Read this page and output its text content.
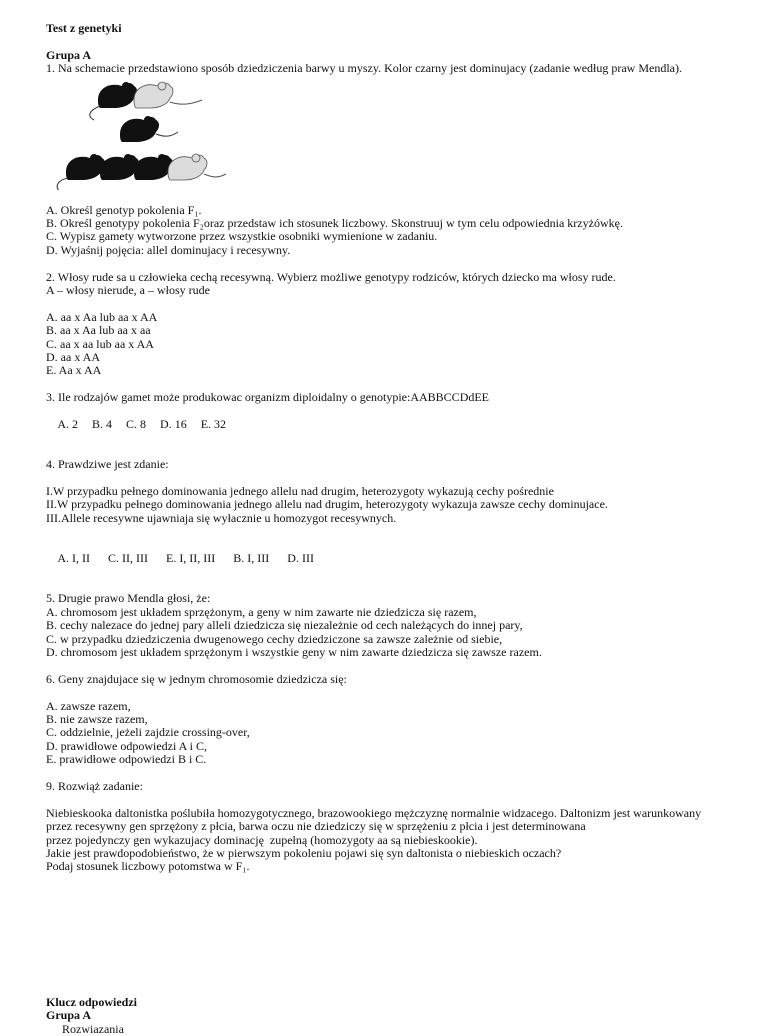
Test z genetyki
Grupa A
1. Na schemacie przedstawiono sposób dziedziczenia barwy u myszy. Kolor czarny jest dominujacy (zadanie według praw Mendla).
A. Określ genotyp pokolenia F₁.
B. Określ genotypy pokolenia F₂oraz przedstaw ich stosunek liczbowy. Skonstruuj w tym celu odpowiednia krzyżówkę.
C. Wypisz gamety wytworzone przez wszystkie osobniki wymienione w zadaniu.
D. Wyjaśnij pojęcia: allel dominujacy i recesywny.
2. Włosy rude sa u człowieka cechą recesywną. Wybierz możliwe genotypy rodziców, których dziecko ma włosy rude.
A – włosy nierude, a – włosy rude
A. aa x Aa lub aa x AA
B. aa x Aa lub aa x aa
C. aa x aa lub aa x AA
D. aa x AA
E. Aa x AA
3. Ile rodzajów gamet może produkowac organizm diploidalny o genotypie:AABBCCDdEE

A. 2 B. 4 C. 8 D. 16 E. 32

4. Prawdziwe jest zdanie:
I.W przypadku pełnego dominowania jednego allelu nad drugim, heterozygoty wykazują cechy pośrednie
II.W przypadku pełnego dominowania jednego allelu nad drugim, heterozygoty wykazuja zawsze cechy dominujace.
III.Allele recesywne ujawniaja się wyłacznie u homozygot recesywnych.

A. I, II C. II, III E. I, II, III B. I, III D. III

5. Drugie prawo Mendla głosi, że:
A. chromosom jest układem sprzężonym, a geny w nim zawarte nie dziedzicza się razem,
B. cechy nalezace do jednej pary alleli dziedzicza się niezależnie od cech należących do innej pary,
C. w przypadku dziedziczenia dwugenowego cechy dziedziczone sa zawsze zależnie od siebie,
D. chromosom jest układem sprzężonym i wszystkie geny w nim zawarte dziedzicza się zawsze razem.
6. Geny znajdujace się w jednym chromosomie dziedzicza się:
A. zawsze razem,
B. nie zawsze razem,
C. oddzielnie, jeżeli zajdzie crossing-over,
D. prawidłowe odpowiedzi A i C,
E. prawidłowe odpowiedzi B i C.
9. Rozwiąż zadanie:
Niebieskooka daltonistka poślubiła homozygotycznego, brazowookiego mężczyznę normalnie widzacego. Daltonizm jest warunkowany
przez recesywny gen sprzężony z płcia, barwa oczu nie dziedziczy się w sprzężeniu z płcia i jest determinowana
przez pojedynczy gen wykazujacy dominację  zupełną (homozygoty aa są niebieskookie).
Jakie jest prawdopodobieństwo, że w pierwszym pokoleniu pojawi się syn daltonista o niebieskich oczach?
Podaj stosunek liczbowy potomstwa w F₁.
Klucz odpowiedzi
Grupa A
Rozwiazania
